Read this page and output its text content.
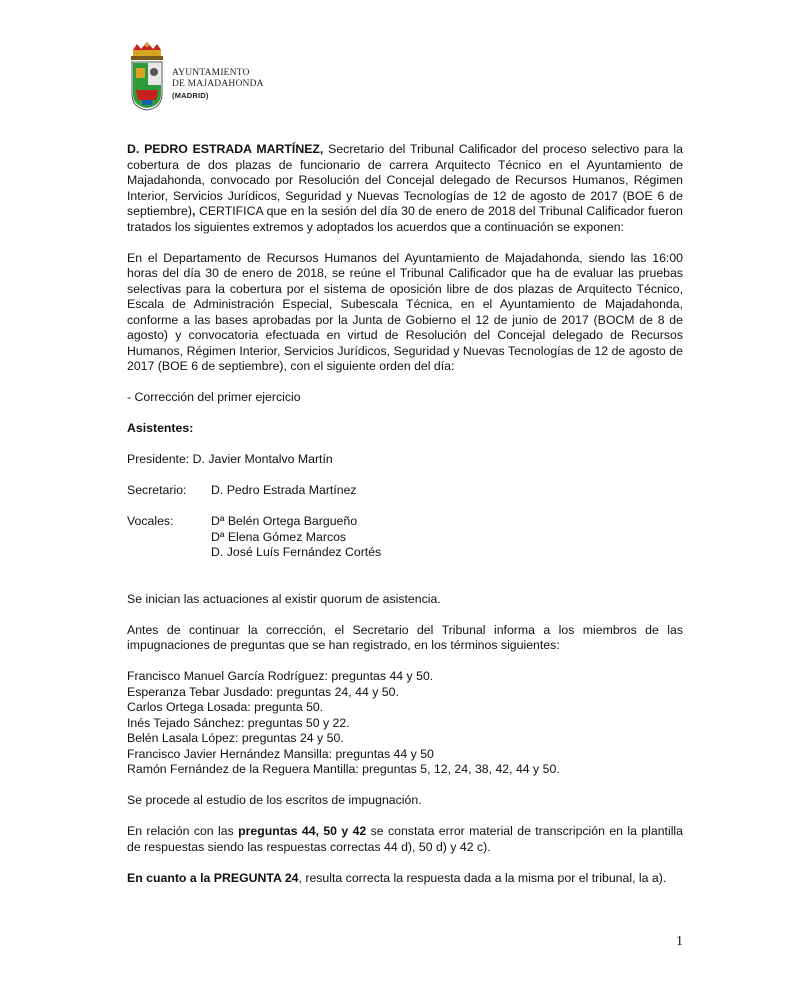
AYUNTAMIENTO
DE MAJADAHONDA
(MADRID)

D. PEDRO ESTRADA MARTÍNEZ, Secretario del Tribunal Calificador del proceso selectivo para la cobertura de dos plazas de funcionario de carrera Arquitecto Técnico en el Ayuntamiento de Majadahonda, convocado por Resolución del Concejal delegado de Recursos Humanos, Régimen Interior, Servicios Jurídicos, Seguridad y Nuevas Tecnologías de 12 de agosto de 2017 (BOE 6 de septiembre), CERTIFICA que en la sesión del día 30 de enero de 2018 del Tribunal Calificador fueron tratados los siguientes extremos y adoptados los acuerdos que a continuación se exponen:

En el Departamento de Recursos Humanos del Ayuntamiento de Majadahonda, siendo las 16:00 horas del día 30 de enero de 2018, se reúne el Tribunal Calificador que ha de evaluar las pruebas selectivas para la cobertura por el sistema de oposición libre de dos plazas de Arquitecto Técnico, Escala de Administración Especial, Subescala Técnica, en el Ayuntamiento de Majadahonda, conforme a las bases aprobadas por la Junta de Gobierno el 12 de junio de 2017 (BOCM de 8 de agosto) y convocatoria efectuada en virtud de Resolución del Concejal delegado de Recursos Humanos, Régimen Interior, Servicios Jurídicos, Seguridad y Nuevas Tecnologías de 12 de agosto de 2017 (BOE 6 de septiembre), con el siguiente orden del día:

- Corrección del primer ejercicio

Asistentes:

Presidente: D. Javier Montalvo Martín

Secretario:	D. Pedro Estrada Martínez
Vocales:	Dª Belén Ortega Bargueño
Dª Elena Gómez Marcos
D. José Luís Fernández Cortés

Se inician las actuaciones al existir quorum de asistencia.

Antes de continuar la corrección, el Secretario del Tribunal informa a los miembros de las impugnaciones de preguntas que se han registrado, en los términos siguientes:

Francisco Manuel García Rodríguez: preguntas 44 y 50.
Esperanza Tebar Jusdado: preguntas 24, 44 y 50.
Carlos Ortega Losada: pregunta 50.
Inés Tejado Sánchez: preguntas 50 y 22.
Belén Lasala López: preguntas 24 y 50.
Francisco Javier Hernández Mansilla: preguntas 44 y 50
Ramón Fernández de la Reguera Mantilla: preguntas 5, 12, 24, 38, 42, 44 y 50.

Se procede al estudio de los escritos de impugnación.

En relación con las preguntas 44, 50 y 42 se constata error material de transcripción en la plantilla de respuestas siendo las respuestas correctas 44 d), 50 d) y 42 c).

En cuanto a la PREGUNTA 24, resulta correcta la respuesta dada a la misma por el tribunal, la a).

1
